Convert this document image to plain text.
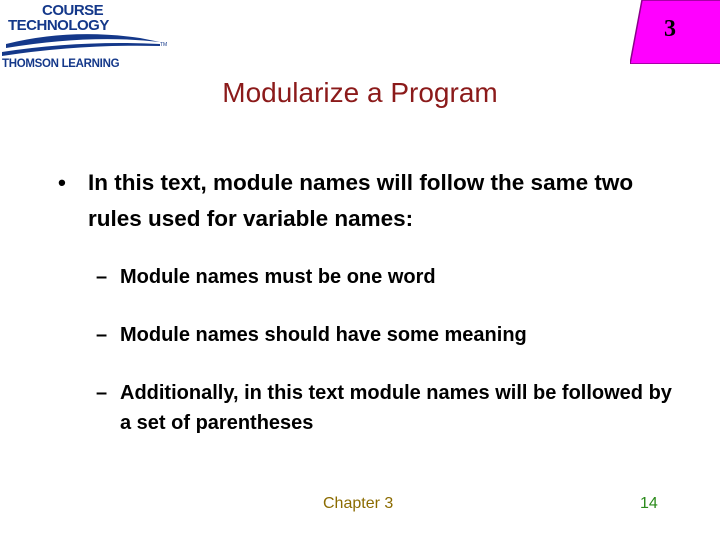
COURSE
TECHNOLOGY
TM
THOMSON LEARNING
3
Modularize a Program
• In this text, module names will follow the same two rules used for variable names:
– Module names must be one word
– Module names should have some meaning
– Additionally, in this text module names will be followed by a set of parentheses
Chapter 3	14
